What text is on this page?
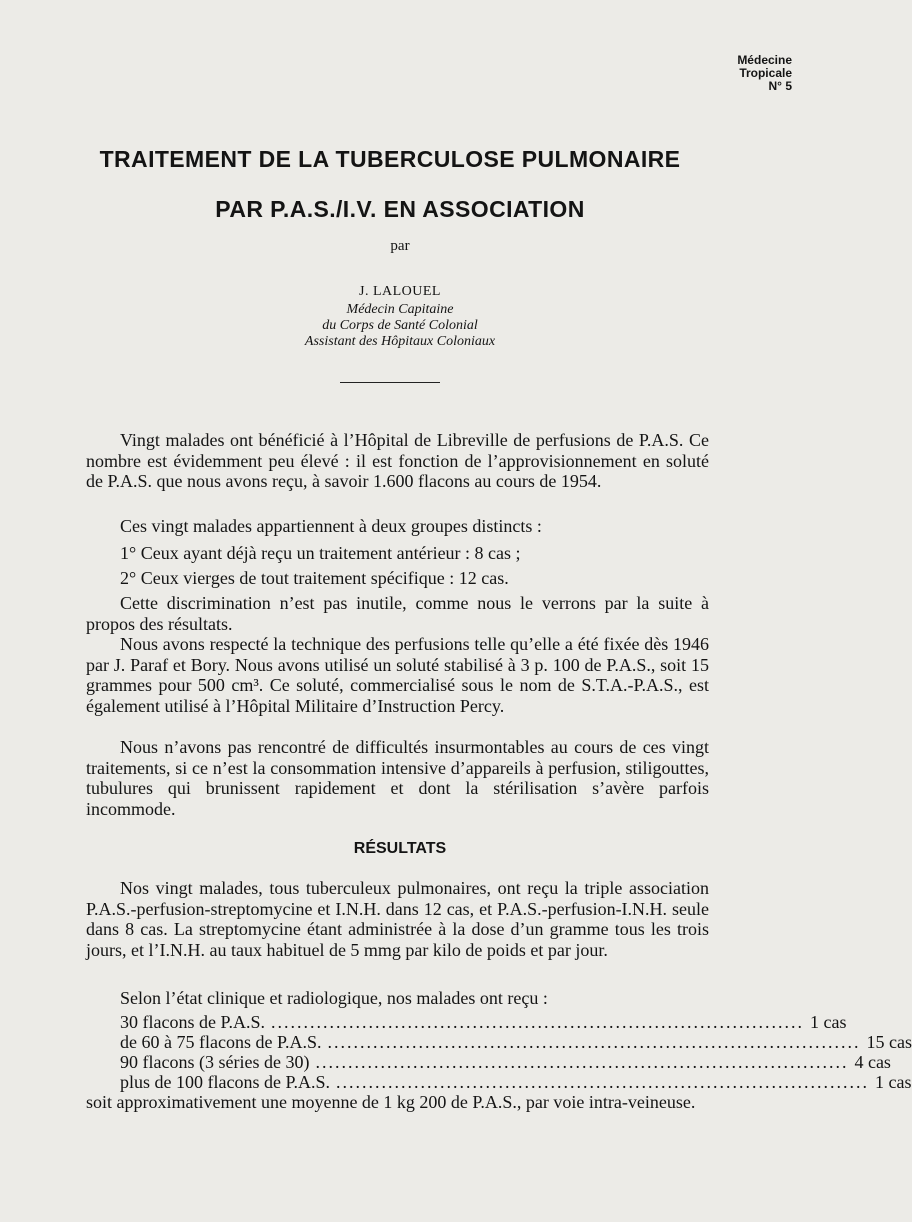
Médecine
Tropicale
N° 5
TRAITEMENT DE LA TUBERCULOSE PULMONAIRE
PAR P.A.S./I.V. EN ASSOCIATION
par
J. LALOUEL
Médecin Capitaine
du Corps de Santé Colonial
Assistant des Hôpitaux Coloniaux

Vingt malades ont bénéficié à l’Hôpital de Libreville de perfusions de P.A.S. Ce nombre est évidemment peu élevé : il est fonction de l’approvisionnement en soluté de P.A.S. que nous avons reçu, à savoir 1.600 flacons au cours de 1954.

Ces vingt malades appartiennent à deux groupes distincts :
1° Ceux ayant déjà reçu un traitement antérieur : 8 cas ;
2° Ceux vierges de tout traitement spécifique : 12 cas.

Cette discrimination n’est pas inutile, comme nous le verrons par la suite à propos des résultats.

Nous avons respecté la technique des perfusions telle qu’elle a été fixée dès 1946 par J. Paraf et Bory. Nous avons utilisé un soluté stabilisé à 3 p. 100 de P.A.S., soit 15 grammes pour 500 cm³. Ce soluté, commercialisé sous le nom de S.T.A.-P.A.S., est également utilisé à l’Hôpital Militaire d’Instruction Percy.

Nous n’avons pas rencontré de difficultés insurmontables au cours de ces vingt traitements, si ce n’est la consommation intensive d’appareils à perfusion, stiligouttes, tubulures qui brunissent rapidement et dont la stérilisation s’avère parfois incommode.

RÉSULTATS

Nos vingt malades, tous tuberculeux pulmonaires, ont reçu la triple association P.A.S.-perfusion-streptomycine et I.N.H. dans 12 cas, et P.A.S.-perfusion-I.N.H. seule dans 8 cas. La streptomycine étant administrée à la dose d’un gramme tous les trois jours, et l’I.N.H. au taux habituel de 5 mmg par kilo de poids et par jour.

Selon l’état clinique et radiologique, nos malades ont reçu :
30 flacons de P.A.S. .................................................................................. 1 cas
de 60 à 75 flacons de P.A.S. .................................................................................. 15 cas
90 flacons (3 séries de 30) .................................................................................. 4 cas
plus de 100 flacons de P.A.S. .................................................................................. 1 cas

soit approximativement une moyenne de 1 kg 200 de P.A.S., par voie intra-veineuse.
